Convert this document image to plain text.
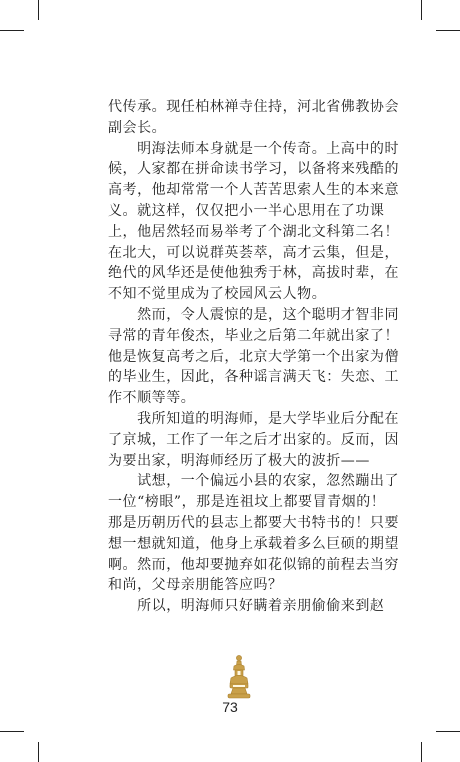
代传承。现任柏林禅寺住持，河北省佛教协会
副会长。
　　明海法师本身就是一个传奇。上高中的时
候，人家都在拼命读书学习，以备将来残酷的
高考，他却常常一个人苦苦思索人生的本来意
义。就这样，仅仅把小一半心思用在了功课
上，他居然轻而易举考了个湖北文科第二名！
在北大，可以说群英荟萃，高才云集，但是，
绝代的风华还是使他独秀于林，高拔时辈，在
不知不觉里成为了校园风云人物。
　　然而，令人震惊的是，这个聪明才智非同
寻常的青年俊杰，毕业之后第二年就出家了！
他是恢复高考之后，北京大学第一个出家为僧
的毕业生，因此，各种谣言满天飞：失恋、工
作不顺等等。
　　我所知道的明海师，是大学毕业后分配在
了京城，工作了一年之后才出家的。反而，因
为要出家，明海师经历了极大的波折——
　　试想，一个偏远小县的农家，忽然蹦出了
一位“榜眼”，那是连祖坟上都要冒青烟的！
那是历朝历代的县志上都要大书特书的！只要
想一想就知道，他身上承载着多么巨硕的期望
啊。然而，他却要抛弃如花似锦的前程去当穷
和尚，父母亲朋能答应吗？
　　所以，明海师只好瞒着亲朋偷偷来到赵
73
